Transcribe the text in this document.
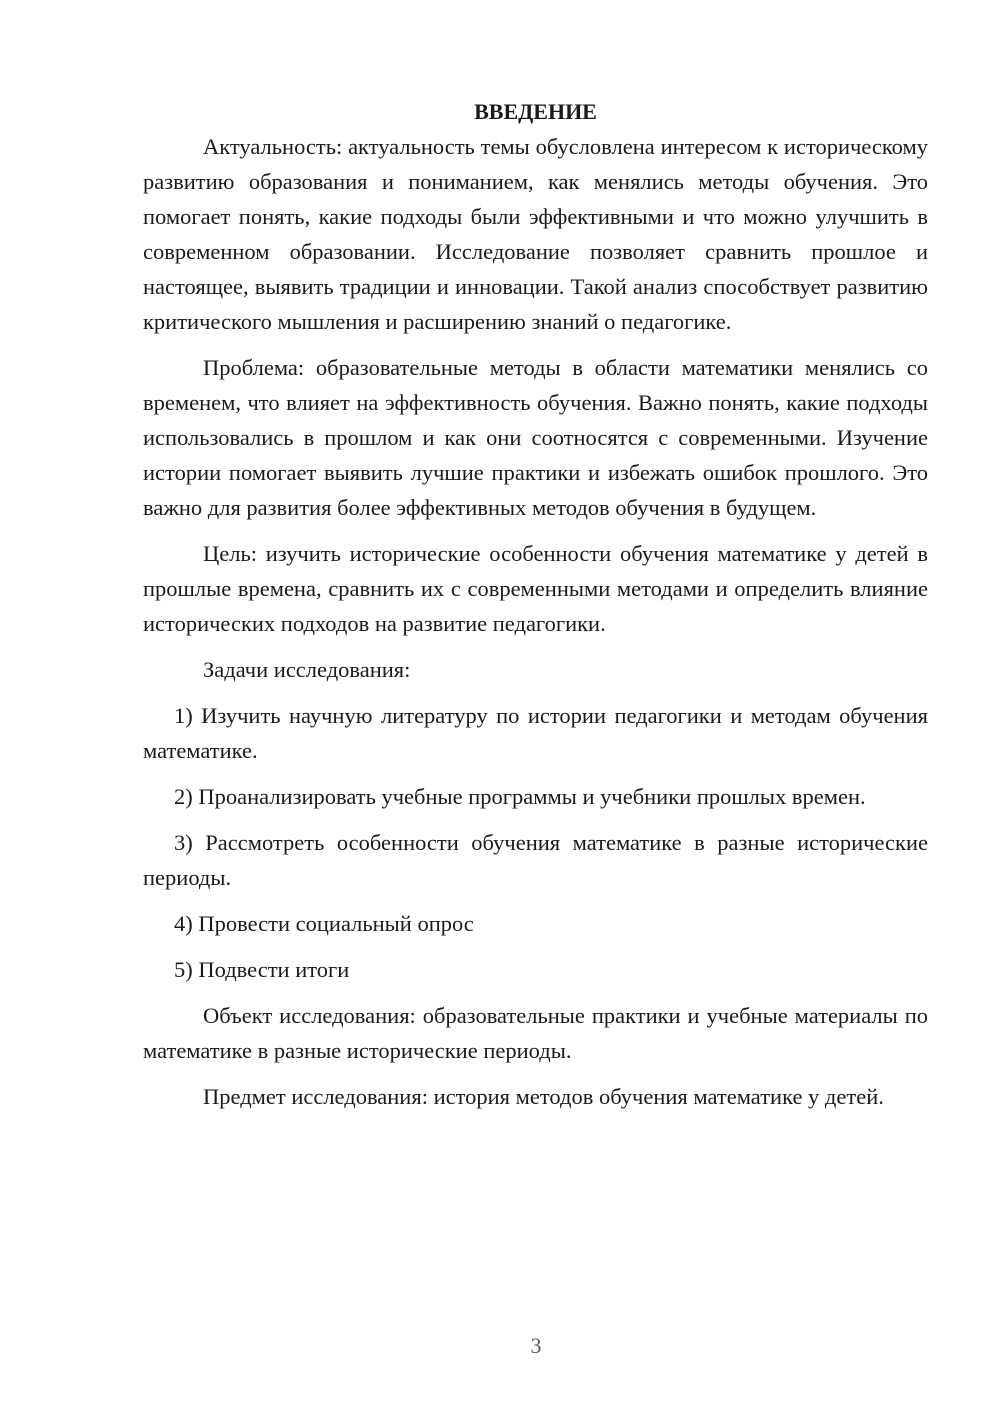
ВВЕДЕНИЕ

Актуальность: актуальность темы обусловлена интересом к историческому развитию образования и пониманием, как менялись методы обучения. Это помогает понять, какие подходы были эффективными и что можно улучшить в современном образовании. Исследование позволяет сравнить прошлое и настоящее, выявить традиции и инновации. Такой анализ способствует развитию критического мышления и расширению знаний о педагогике.

Проблема: образовательные методы в области математики менялись со временем, что влияет на эффективность обучения. Важно понять, какие подходы использовались в прошлом и как они соотносятся с современными. Изучение истории помогает выявить лучшие практики и избежать ошибок прошлого. Это важно для развития более эффективных методов обучения в будущем.

Цель: изучить исторические особенности обучения математике у детей в прошлые времена, сравнить их с современными методами и определить влияние исторических подходов на развитие педагогики.

Задачи исследования:

1) Изучить научную литературу по истории педагогики и методам обучения математике.

2) Проанализировать учебные программы и учебники прошлых времен.

3) Рассмотреть особенности обучения математике в разные исторические периоды.

4) Провести социальный опрос

5) Подвести итоги

Объект исследования: образовательные практики и учебные материалы по математике в разные исторические периоды.

Предмет исследования: история методов обучения математике у детей.

3
